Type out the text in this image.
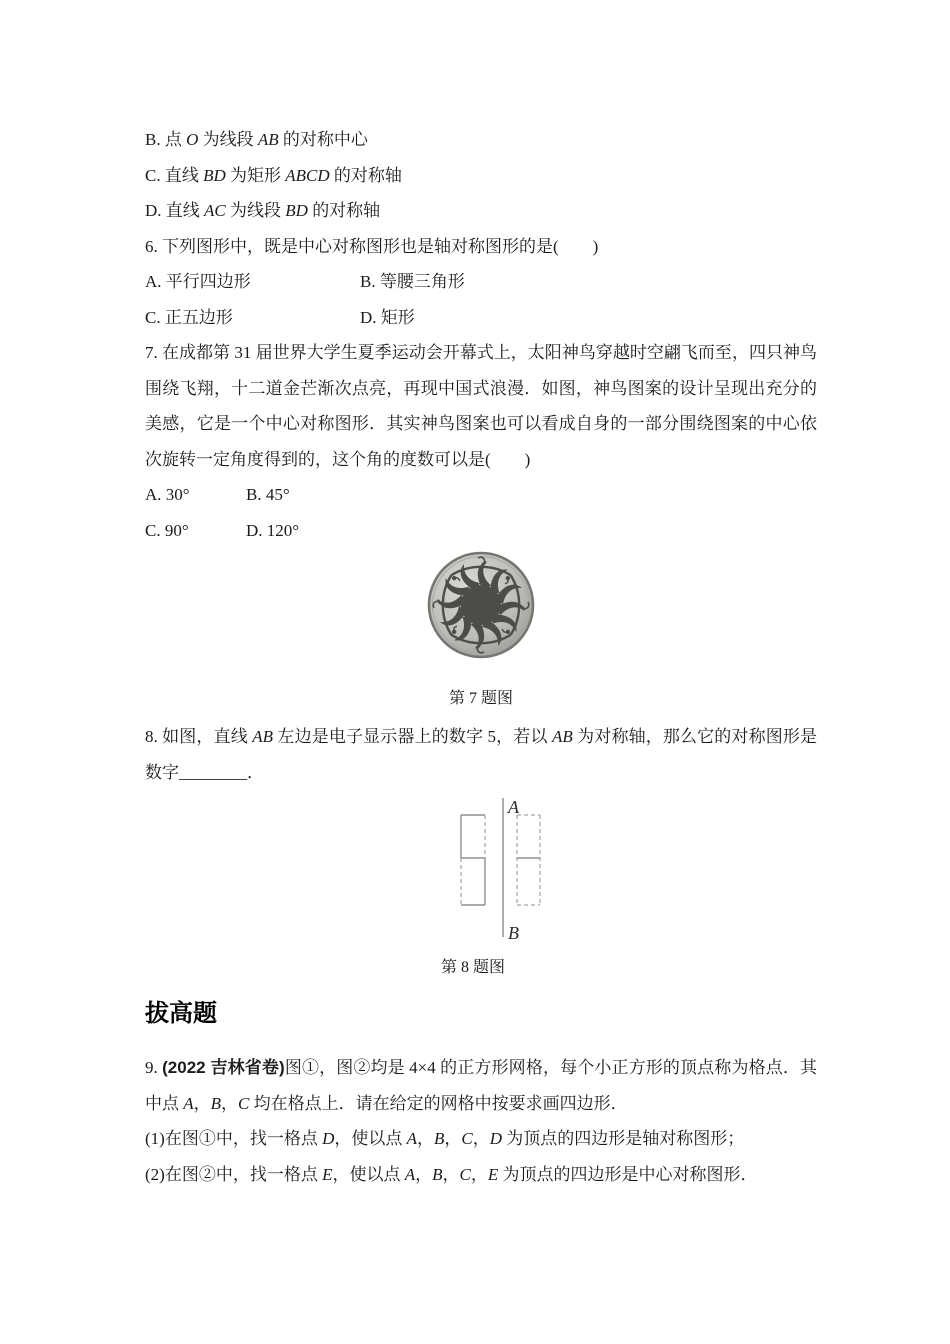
B. 点 O 为线段 AB 的对称中心
C. 直线 BD 为矩形 ABCD 的对称轴
D. 直线 AC 为线段 BD 的对称轴
6. 下列图形中，既是中心对称图形也是轴对称图形的是(　　)
A. 平行四边形	B. 等腰三角形
C. 正五边形	D. 矩形
7. 在成都第 31 届世界大学生夏季运动会开幕式上，太阳神鸟穿越时空翩飞而至，四只神鸟
围绕飞翔，十二道金芒渐次点亮，再现中国式浪漫．如图，神鸟图案的设计呈现出充分的
美感，它是一个中心对称图形．其实神鸟图案也可以看成自身的一部分围绕图案的中心依
次旋转一定角度得到的，这个角的度数可以是(　　)
A. 30°	B. 45°
C. 90°	D. 120°
第 7 题图
8. 如图，直线 AB 左边是电子显示器上的数字 5，若以 AB 为对称轴，那么它的对称图形是
数字________．
A
B
第 8 题图
拔高题
9. (2022 吉林省卷)图①，图②均是 4×4 的正方形网格，每个小正方形的顶点称为格点．其
中点 A，B，C 均在格点上．请在给定的网格中按要求画四边形．
(1)在图①中，找一格点 D，使以点 A，B，C，D 为顶点的四边形是轴对称图形；
(2)在图②中，找一格点 E，使以点 A，B，C，E 为顶点的四边形是中心对称图形．
